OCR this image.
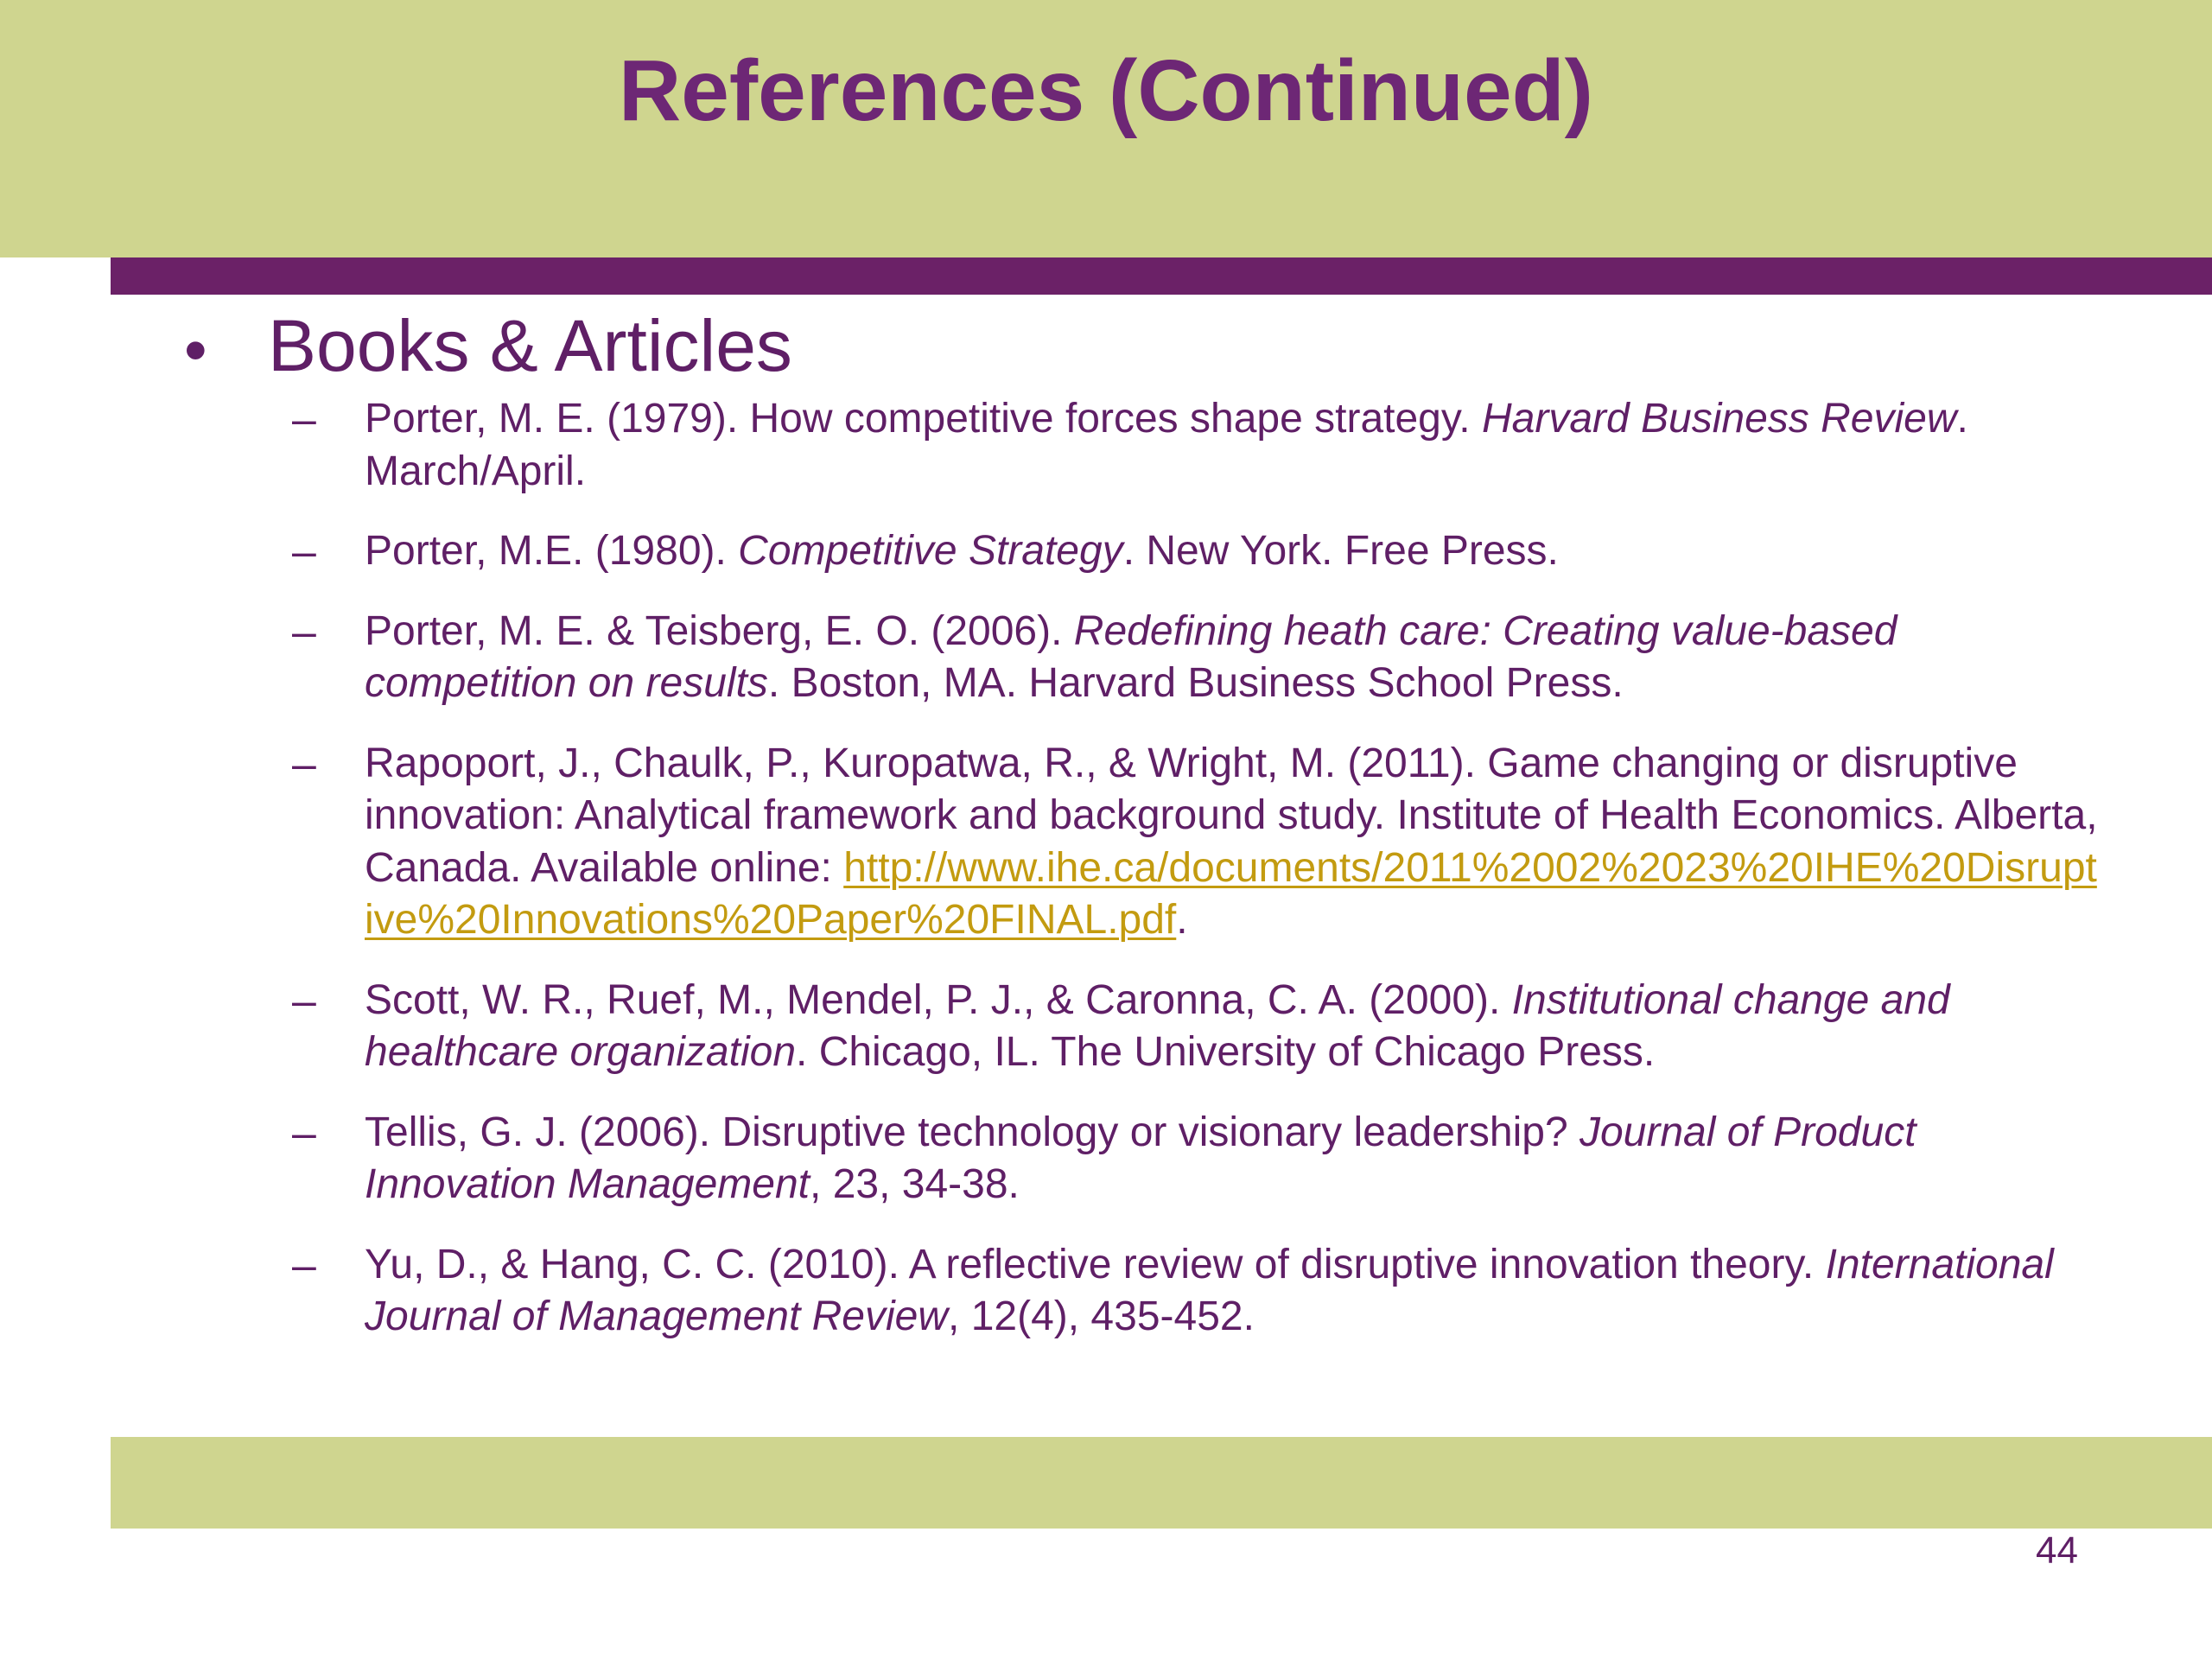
References (Continued)
• Books & Articles
– Porter, M. E. (1979). How competitive forces shape strategy. Harvard Business Review. March/April.
– Porter, M.E. (1980). Competitive Strategy. New York. Free Press.
– Porter, M. E. & Teisberg, E. O. (2006). Redefining heath care: Creating value-based competition on results. Boston, MA. Harvard Business School Press.
– Rapoport, J., Chaulk, P., Kuropatwa, R., & Wright, M. (2011). Game changing or disruptive innovation: Analytical framework and background study. Institute of Health Economics. Alberta, Canada. Available online: http://www.ihe.ca/documents/2011%2002%2023%20IHE%20Disruptive%20Innovations%20Paper%20FINAL.pdf.
– Scott, W. R., Ruef, M., Mendel, P. J., & Caronna, C. A. (2000). Institutional change and healthcare organization. Chicago, IL. The University of Chicago Press.
– Tellis, G. J. (2006). Disruptive technology or visionary leadership? Journal of Product Innovation Management, 23, 34-38.
– Yu, D., & Hang, C. C. (2010). A reflective review of disruptive innovation theory. International Journal of Management Review, 12(4), 435-452.
44
